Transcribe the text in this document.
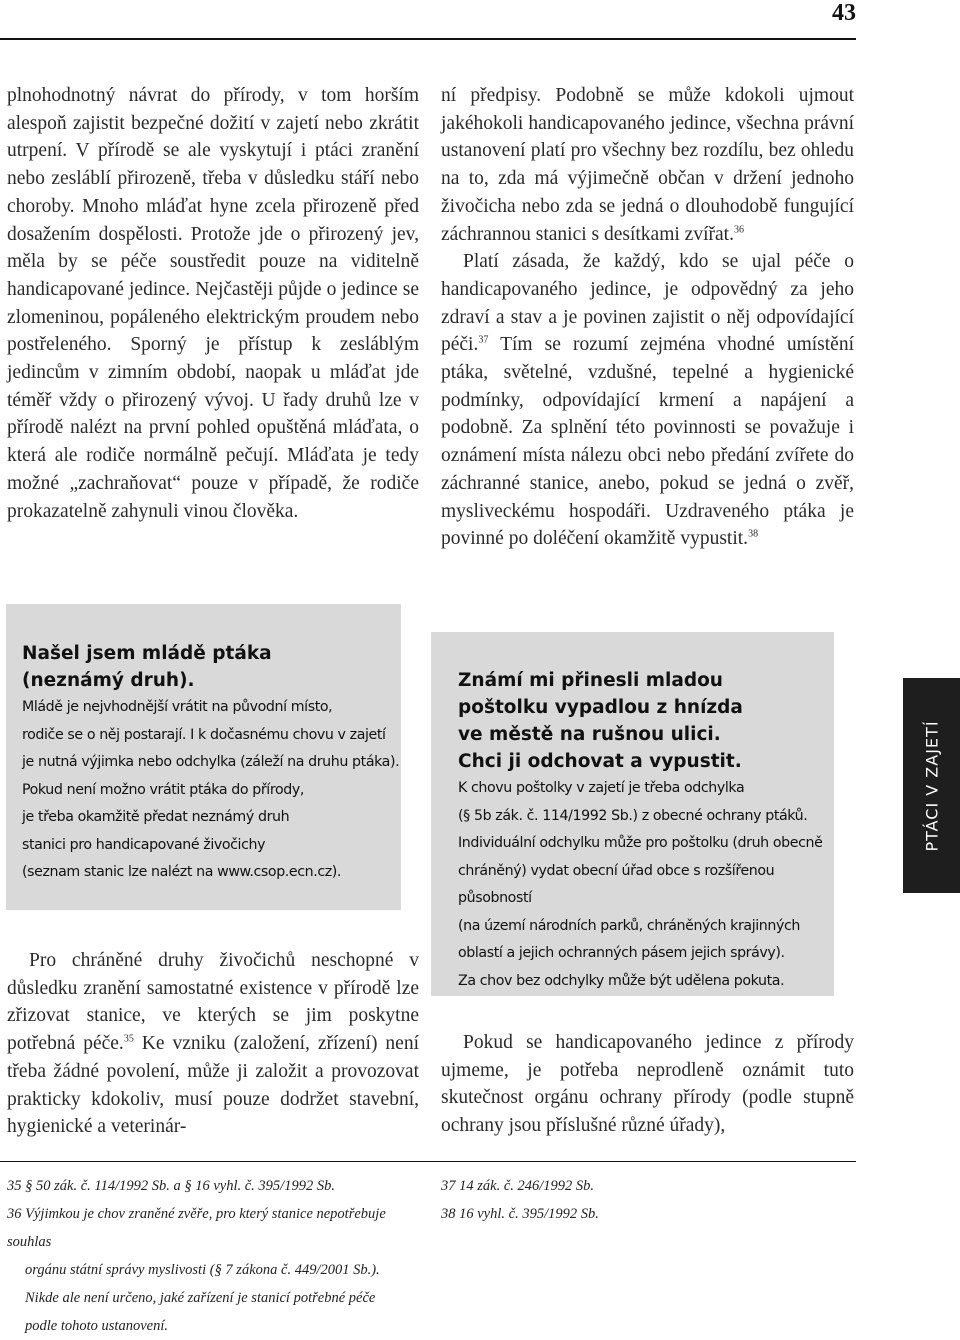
43

plnohodnotný návrat do přírody, v tom horším alespoň zajistit bezpečné dožití v zajetí nebo zkrátit utrpení. V přírodě se ale vyskytují i ptáci zranění nebo zesláblí přirozeně, třeba v důsledku stáří nebo choroby. Mnoho mláďat hyne zcela přirozeně před dosažením dospělosti. Protože jde o přirozený jev, měla by se péče soustředit pouze na viditelně handicapované jedince. Nejčastěji půjde o jedince se zlomeninou, popáleného elektrickým proudem nebo postřeleného. Sporný je přístup k zesláblým jedincům v zimním období, naopak u mláďat jde téměř vždy o přirozený vývoj. U řady druhů lze v přírodě nalézt na první pohled opuštěná mláďata, o která ale rodiče normálně pečují. Mláďata je tedy možné „zachraňovat“ pouze v případě, že rodiče prokazatelně zahynuli vinou člověka.

ní předpisy. Podobně se může kdokoli ujmout jakéhokoli handicapovaného jedince, všechna právní ustanovení platí pro všechny bez rozdílu, bez ohledu na to, zda má výjimečně občan v držení jednoho živočicha nebo zda se jedná o dlouhodobě fungující záchrannou stanici s desítkami zvířat.$^{36}$

Platí zásada, že každý, kdo se ujal péče o handicapovaného jedince, je odpovědný za jeho zdraví a stav a je povinen zajistit o něj odpovídající péči.$^{37}$ Tím se rozumí zejména vhodné umístění ptáka, světelné, vzdušné, tepelné a hygienické podmínky, odpovídající krmení a napájení a podobně. Za splnění této povinnosti se považuje i oznámení místa nálezu obci nebo předání zvířete do záchranné stanice, anebo, pokud se jedná o zvěř, mysliveckému hospodáři. Uzdraveného ptáka je povinné po doléčení okamžitě vypustit.$^{38}$

Našel jsem mládě ptáka
(neznámý druh).

Mládě je nejvhodnější vrátit na původní místo,
rodiče se o něj postarají. I k dočasnému chovu v zajetí
je nutná výjimka nebo odchylka (záleží na druhu ptáka).
Pokud není možno vrátit ptáka do přírody,
je třeba okamžitě předat neznámý druh
stanici pro handicapované živočichy
(seznam stanic lze nalézt na www.csop.ecn.cz).

Známí mi přinesli mladou
poštolku vypadlou z hnízda
ve městě na rušnou ulici.
Chci ji odchovat a vypustit.

K chovu poštolky v zajetí je třeba odchylka
(§ 5b zák. č. 114/1992 Sb.) z obecné ochrany ptáků.
Individuální odchylku může pro poštolku (druh obecně
chráněný) vydat obecní úřad obce s rozšířenou působností
(na území národních parků, chráněných krajinných
oblastí a jejich ochranných pásem jejich správy).
Za chov bez odchylky může být udělena pokuta.

PTÁCI V ZAJETÍ

Pro chráněné druhy živočichů neschopné v důsledku zranění samostatné existence v přírodě lze zřizovat stanice, ve kterých se jim poskytne potřebná péče.$^{35}$ Ke vzniku (založení, zřízení) není třeba žádné povolení, může ji založit a provozovat prakticky kdokoliv, musí pouze dodržet stavební, hygienické a veterinár-

Pokud se handicapovaného jedince z přírody ujmeme, je potřeba neprodleně oznámit tuto skutečnost orgánu ochrany přírody (podle stupně ochrany jsou příslušné různé úřady),

35 § 50 zák. č. 114/1992 Sb. a § 16 vyhl. č. 395/1992 Sb.
36 Výjimkou je chov zraněné zvěře, pro který stanice nepotřebuje souhlas
orgánu státní správy myslivosti (§ 7 zákona č. 449/2001 Sb.).
Nikde ale není určeno, jaké zařízení je stanicí potřebné péče
podle tohoto ustanovení.
37 14 zák. č. 246/1992 Sb.
38 16 vyhl. č. 395/1992 Sb.
